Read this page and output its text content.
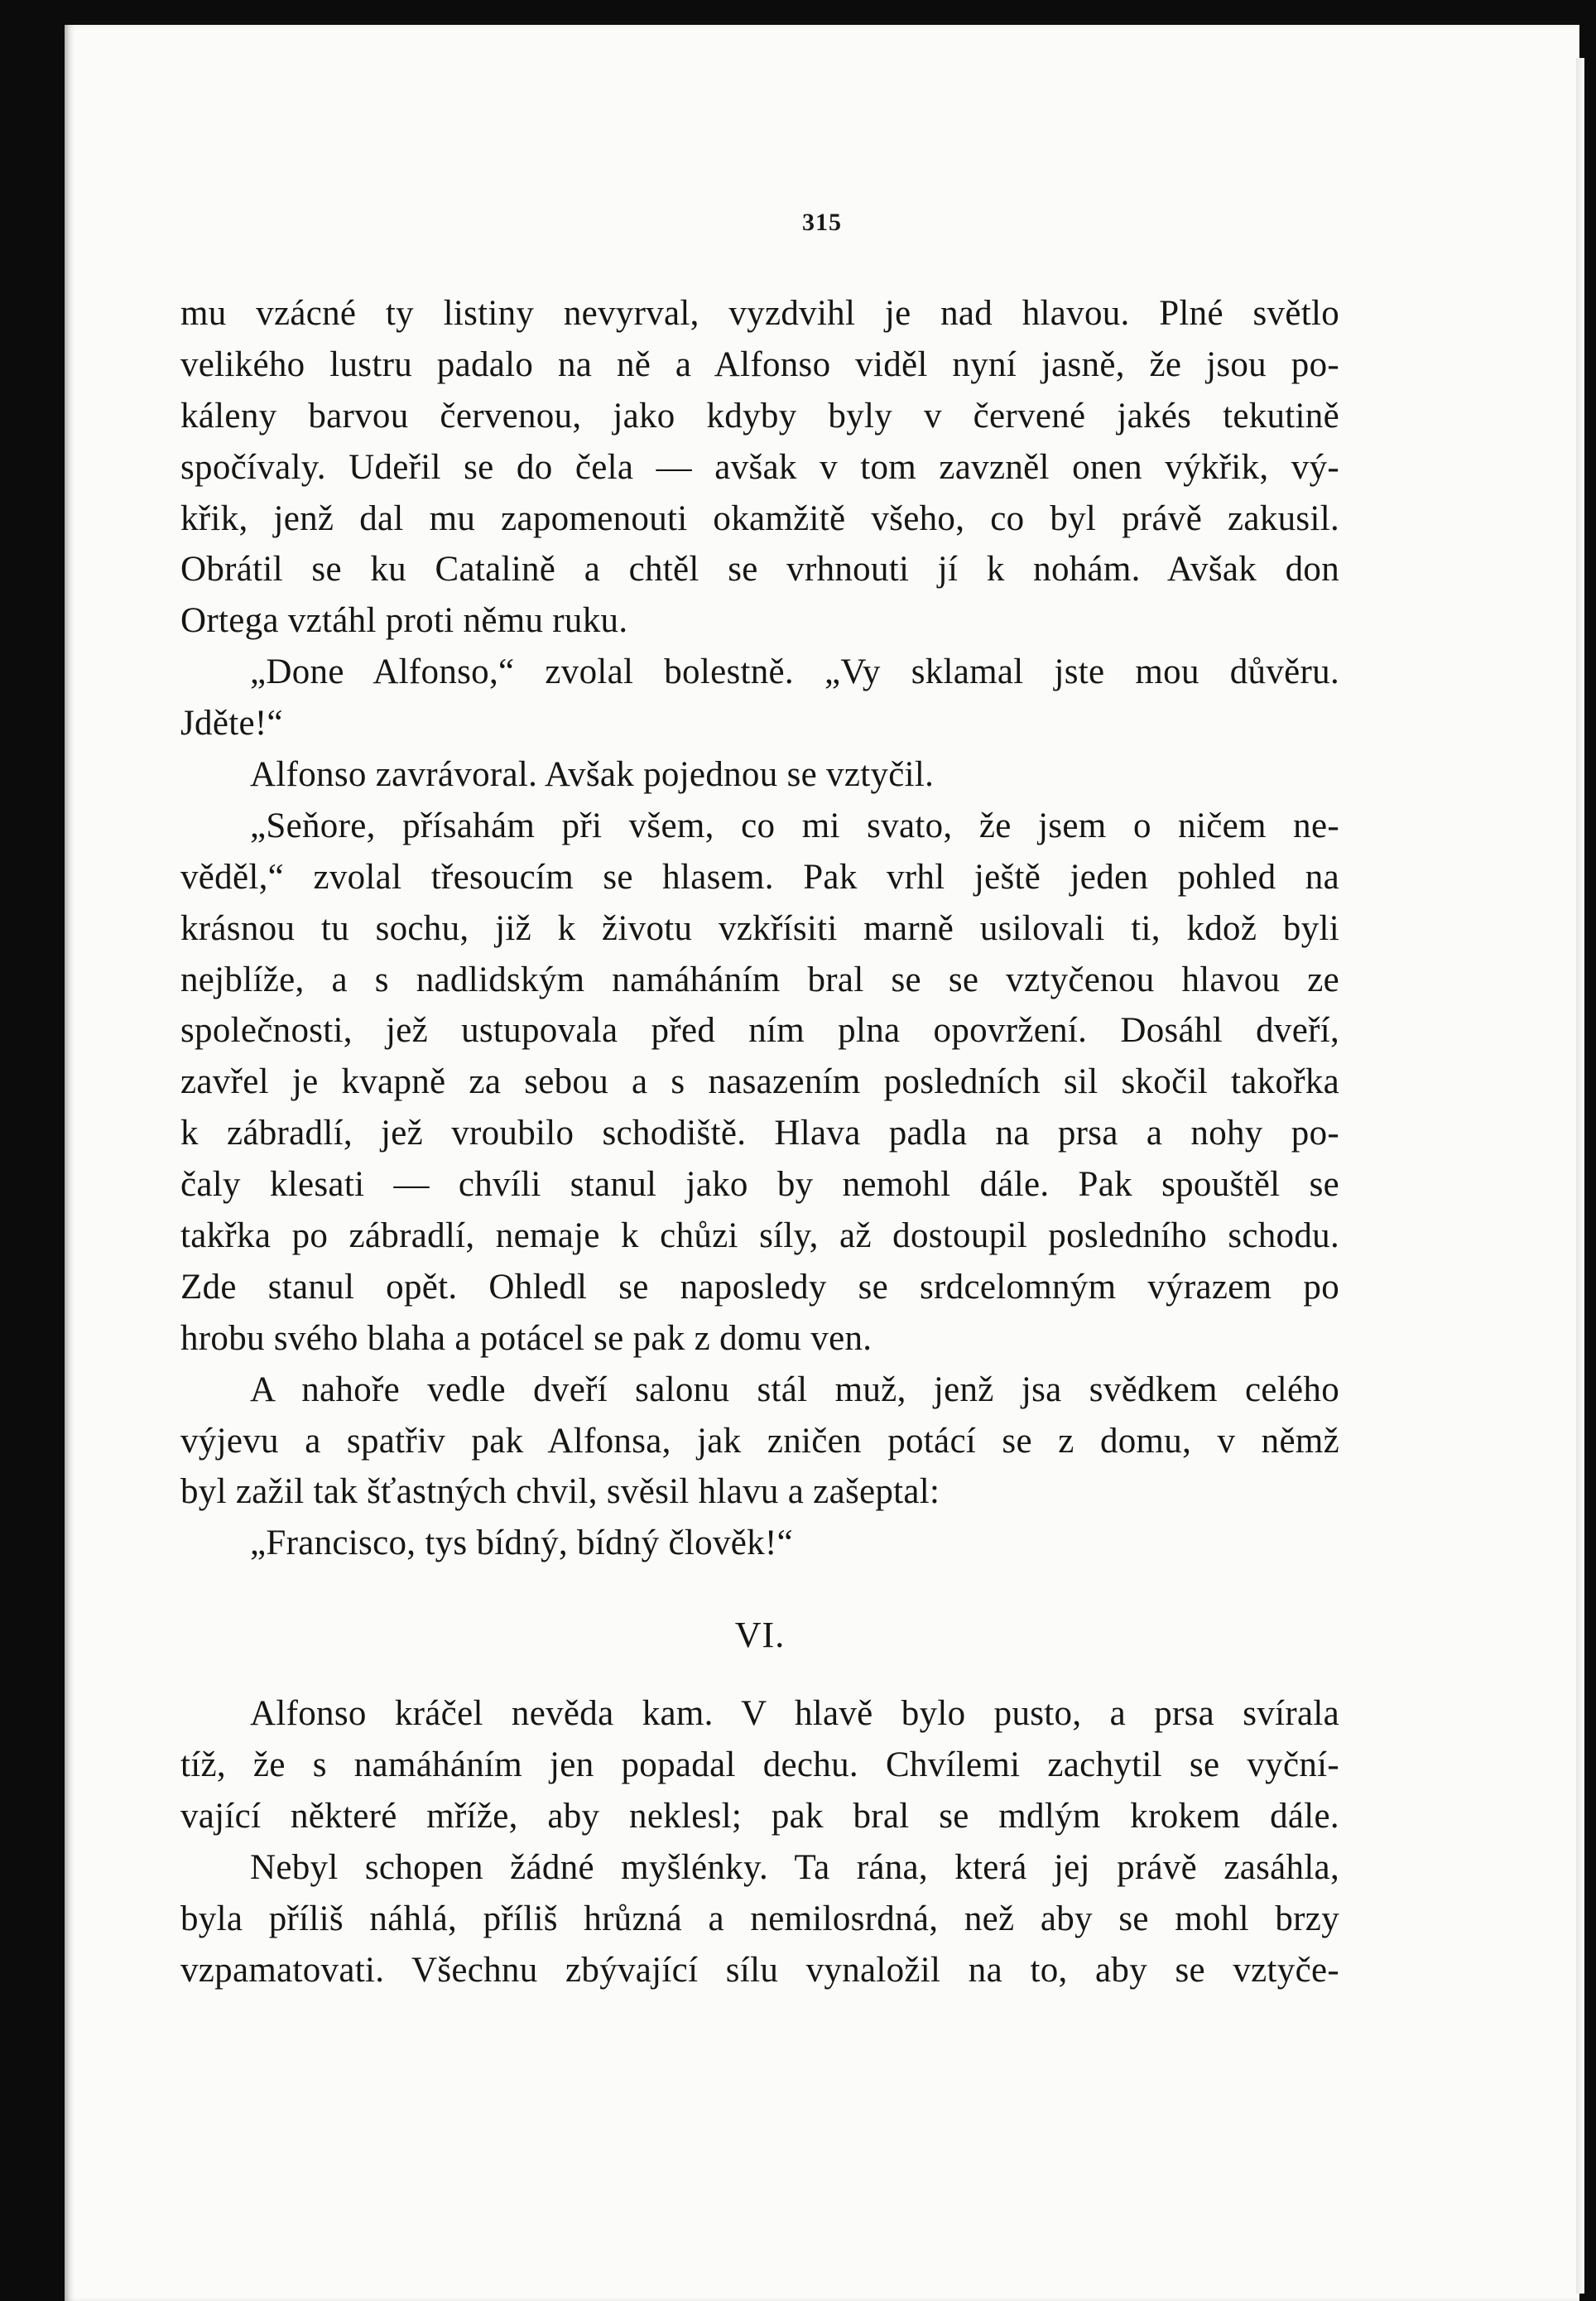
315
mu vzácné ty listiny nevyrval, vyzdvihl je nad hlavou. Plné světlo
velikého lustru padalo na ně a Alfonso viděl nyní jasně, že jsou po-
káleny barvou červenou, jako kdyby byly v červené jakés tekutině
spočívaly. Udeřil se do čela — avšak v tom zavzněl onen výkřik, vý-
křik, jenž dal mu zapomenouti okamžitě všeho, co byl právě zakusil.
Obrátil se ku Catalině a chtěl se vrhnouti jí k nohám. Avšak don
Ortega vztáhl proti němu ruku.
„Done Alfonso,“ zvolal bolestně. „Vy sklamal jste mou důvěru.
Jděte!“
Alfonso zavrávoral. Avšak pojednou se vztyčil.
„Seňore, přísahám při všem, co mi svato, že jsem o ničem ne-
věděl,“ zvolal třesoucím se hlasem. Pak vrhl ještě jeden pohled na
krásnou tu sochu, již k životu vzkřísiti marně usilovali ti, kdož byli
nejblíže, a s nadlidským namáháním bral se se vztyčenou hlavou ze
společnosti, jež ustupovala před ním plna opovržení. Dosáhl dveří,
zavřel je kvapně za sebou a s nasazením posledních sil skočil takořka
k zábradlí, jež vroubilo schodiště. Hlava padla na prsa a nohy po-
čaly klesati — chvíli stanul jako by nemohl dále. Pak spouštěl se
takřka po zábradlí, nemaje k chůzi síly, až dostoupil posledního schodu.
Zde stanul opět. Ohledl se naposledy se srdcelomným výrazem po
hrobu svého blaha a potácel se pak z domu ven.
A nahoře vedle dveří salonu stál muž, jenž jsa svědkem celého
výjevu a spatřiv pak Alfonsa, jak zničen potácí se z domu, v němž
byl zažil tak šťastných chvil, svěsil hlavu a zašeptal:
„Francisco, tys bídný, bídný člověk!“
VI.
Alfonso kráčel nevěda kam. V hlavě bylo pusto, a prsa svírala
tíž, že s namáháním jen popadal dechu. Chvílemi zachytil se vyční-
vající některé mříže, aby neklesl; pak bral se mdlým krokem dále.
Nebyl schopen žádné myšlénky. Ta rána, která jej právě zasáhla,
byla příliš náhlá, příliš hrůzná a nemilosrdná, než aby se mohl brzy
vzpamatovati. Všechnu zbývající sílu vynaložil na to, aby se vztyče-
